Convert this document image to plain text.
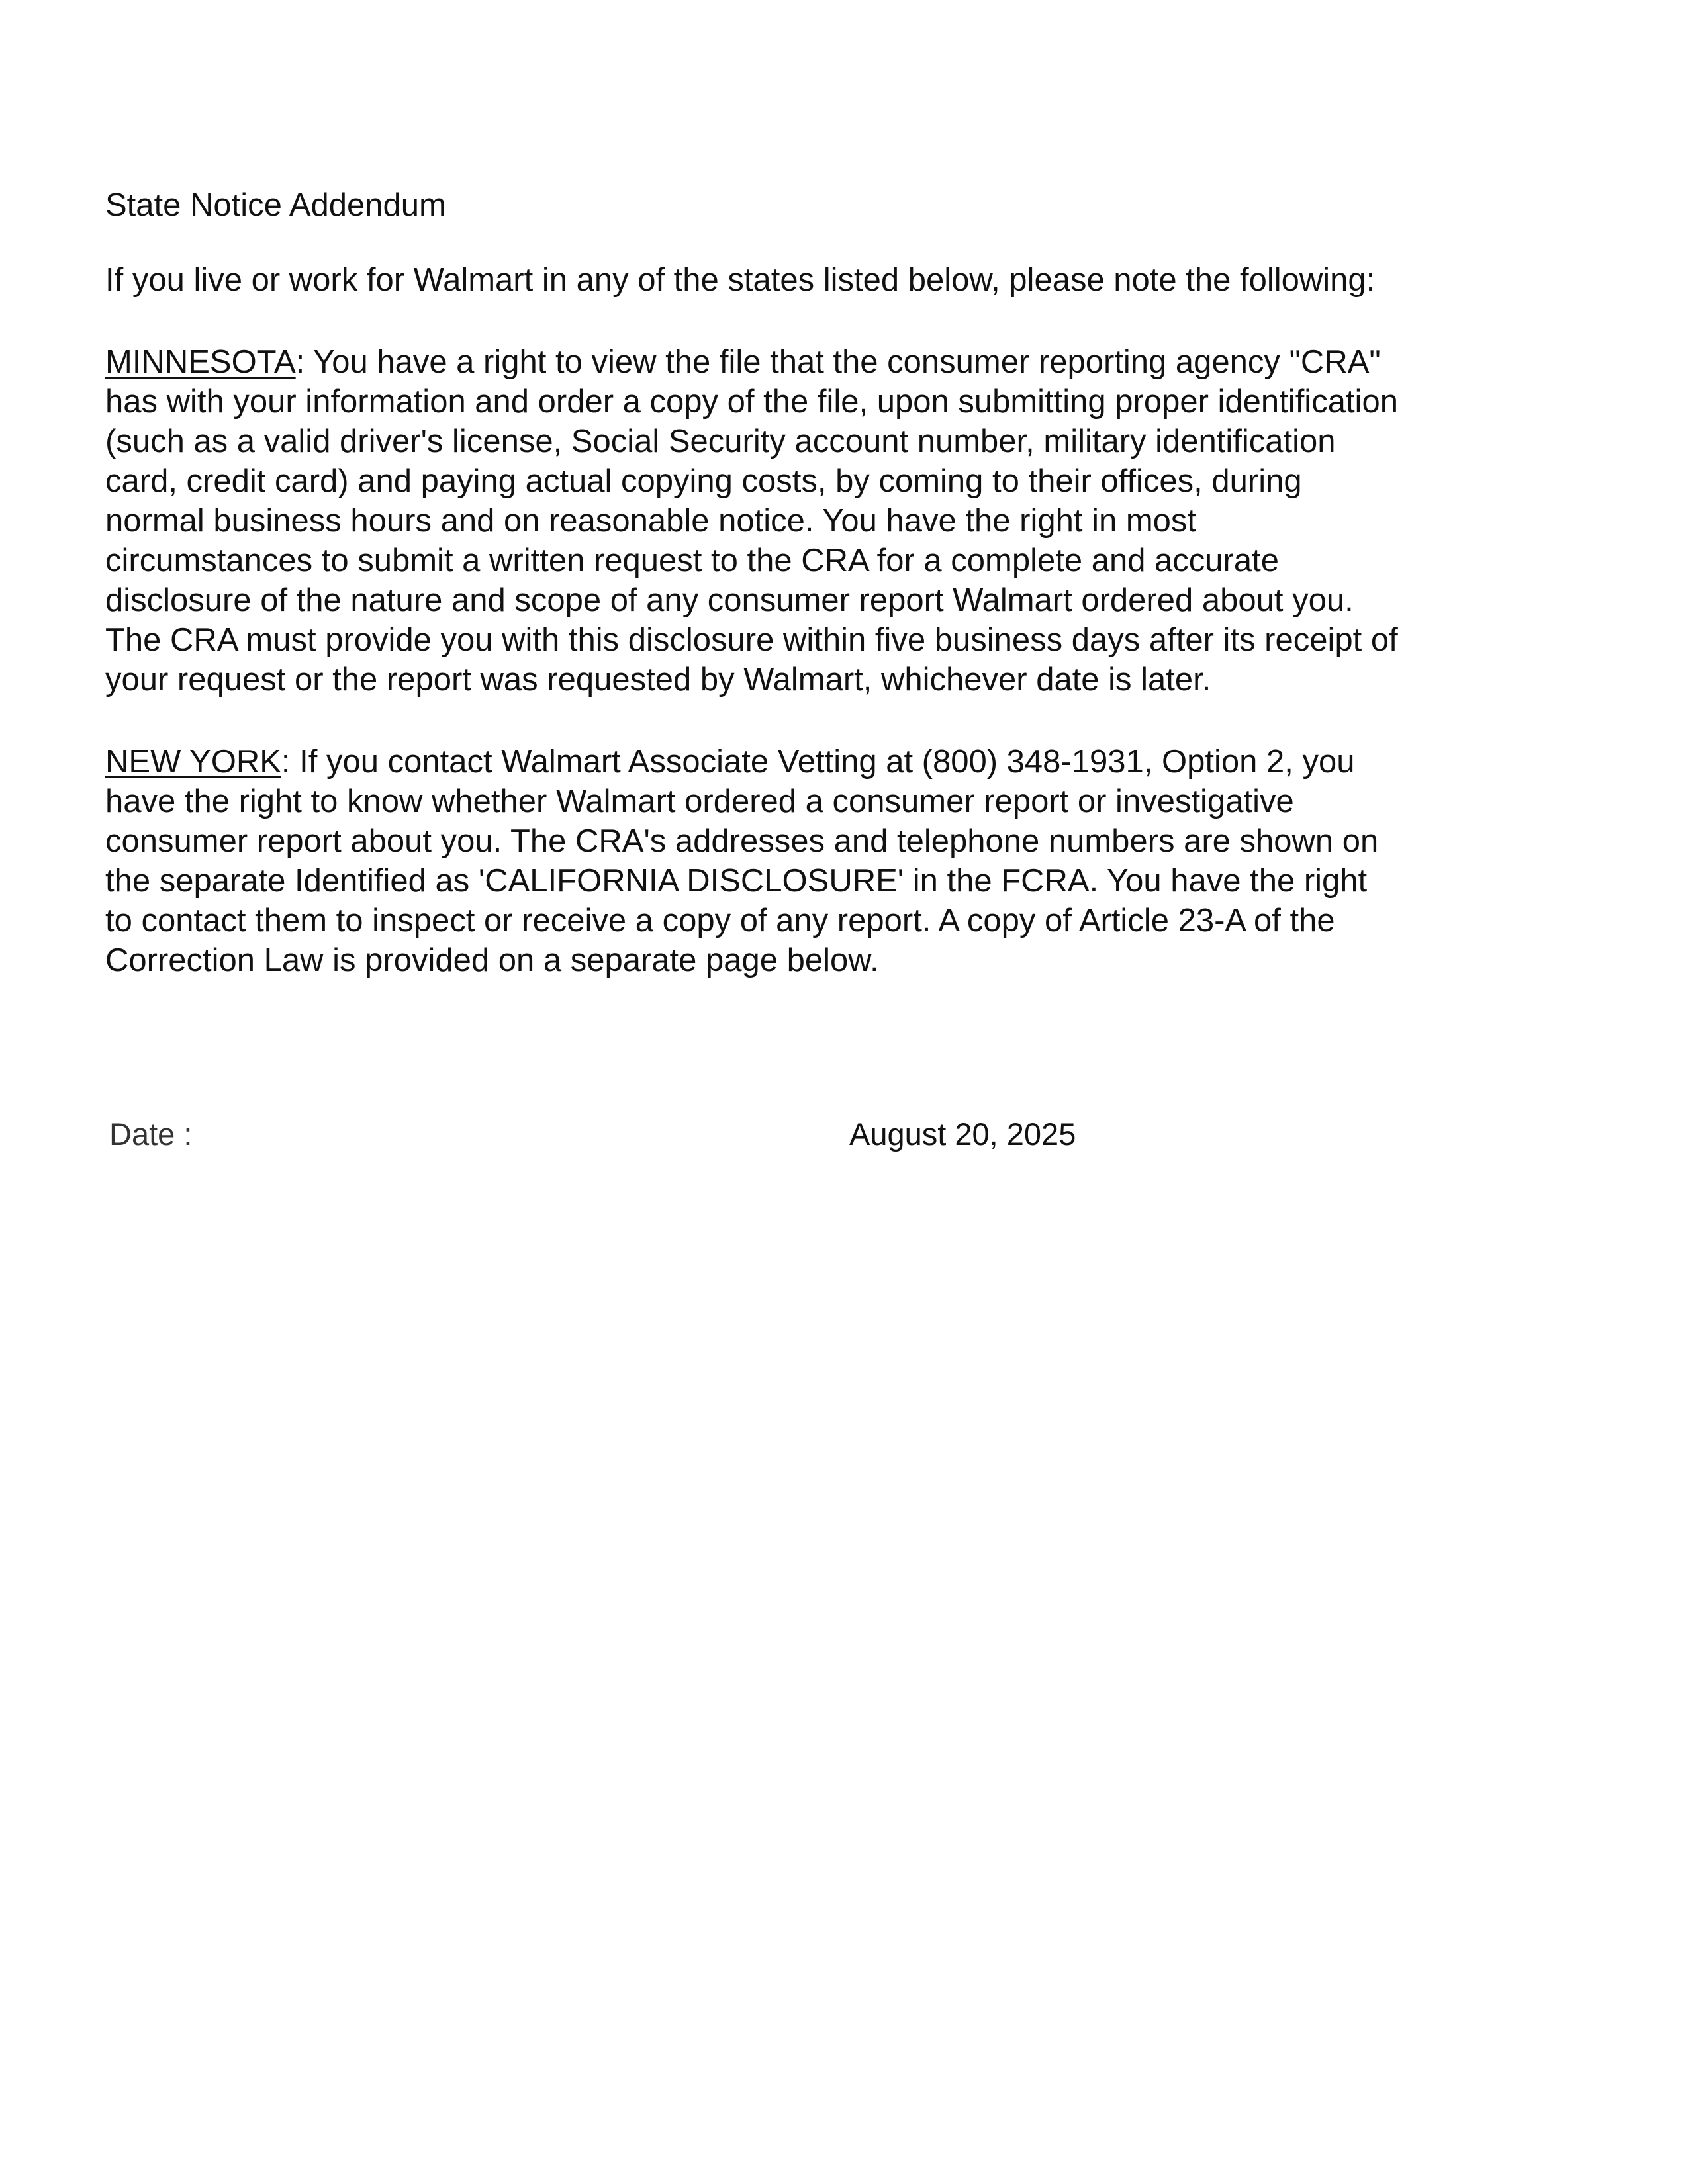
State Notice Addendum
If you live or work for Walmart in any of the states listed below, please note the following:
MINNESOTA: You have a right to view the file that the consumer reporting agency "CRA"
has with your information and order a copy of the file, upon submitting proper identification
(such as a valid driver's license, Social Security account number, military identification
card, credit card) and paying actual copying costs, by coming to their offices, during
normal business hours and on reasonable notice. You have the right in most
circumstances to submit a written request to the CRA for a complete and accurate
disclosure of the nature and scope of any consumer report Walmart ordered about you.
The CRA must provide you with this disclosure within five business days after its receipt of
your request or the report was requested by Walmart, whichever date is later.
NEW YORK: If you contact Walmart Associate Vetting at (800) 348-1931, Option 2, you
have the right to know whether Walmart ordered a consumer report or investigative
consumer report about you. The CRA's addresses and telephone numbers are shown on
the separate Identified as 'CALIFORNIA DISCLOSURE' in the FCRA. You have the right
to contact them to inspect or receive a copy of any report. A copy of Article 23-A of the
Correction Law is provided on a separate page below.
Date :	August 20, 2025
